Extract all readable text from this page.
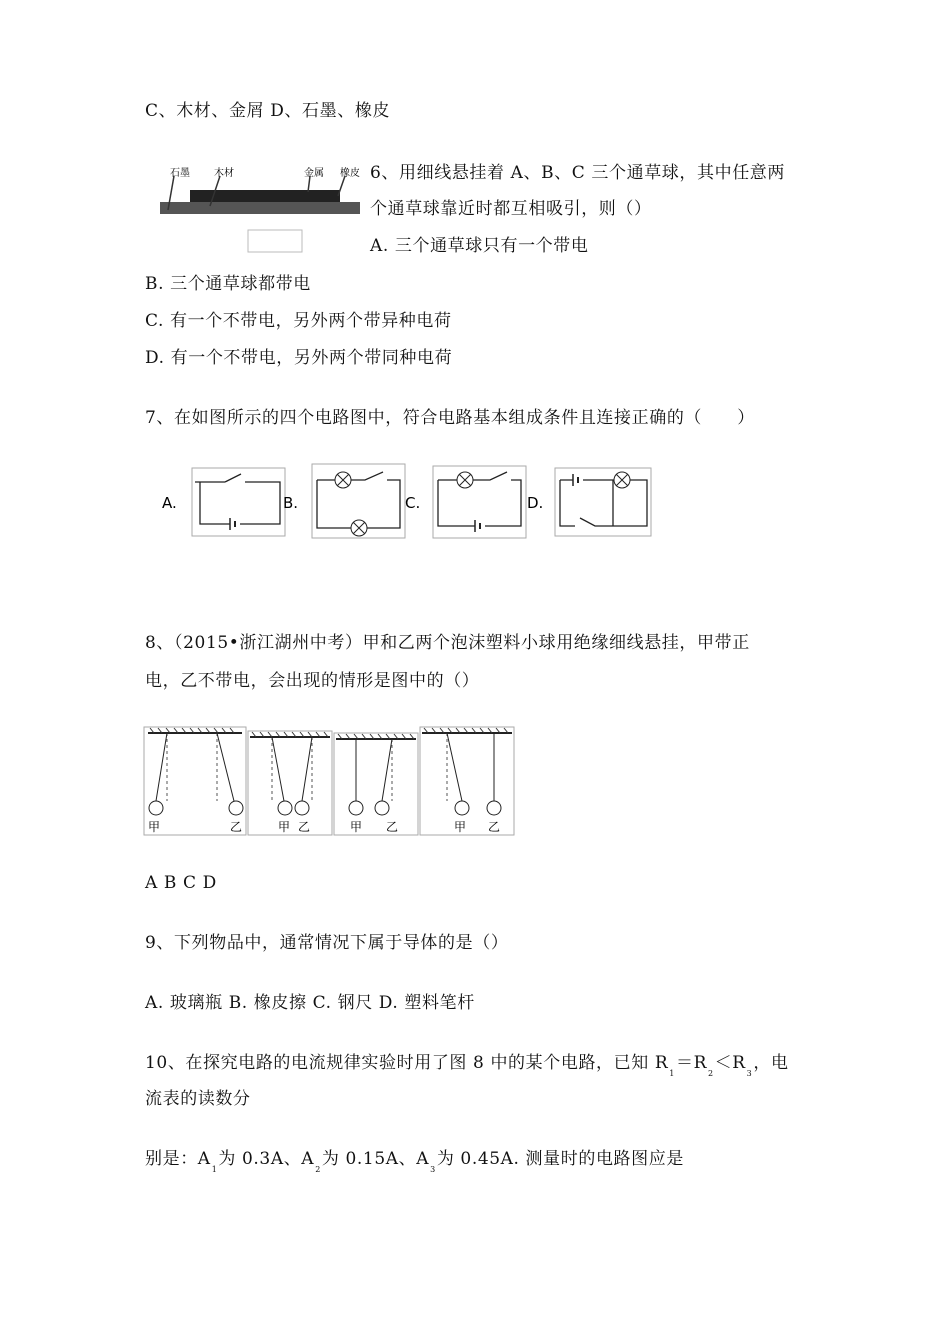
C、木材、金屑 D、石墨、橡皮
石墨 木材	金属 橡皮 6、用细线悬挂着 A、B、C 三个通草球，其中任意两
个通草球靠近时都互相吸引，则（）
A. 三个通草球只有一个带电
B. 三个通草球都带电
C. 有一个不带电，另外两个带异种电荷
D. 有一个不带电，另外两个带同种电荷
7、在如图所示的四个电路图中，符合电路基本组成条件且连接正确的（　　）
A.	B.	C.	D.
8、（2015•浙江湖州中考）甲和乙两个泡沫塑料小球用绝缘细线悬挂，甲带正
电，乙不带电，会出现的情形是图中的（）
甲	乙	甲 乙	甲 乙	甲 乙
A B C D
9、下列物品中，通常情况下属于导体的是（）
A. 玻璃瓶 B. 橡皮擦 C. 钢尺 D. 塑料笔杆
10、在探究电路的电流规律实验时用了图 8 中的某个电路，已知 $R_1=R_2<R_3$，电
流表的读数分
别是：$A_1$为 0.3A、$A_2$为 0.15A、$A_3$为 0.45A. 测量时的电路图应是
